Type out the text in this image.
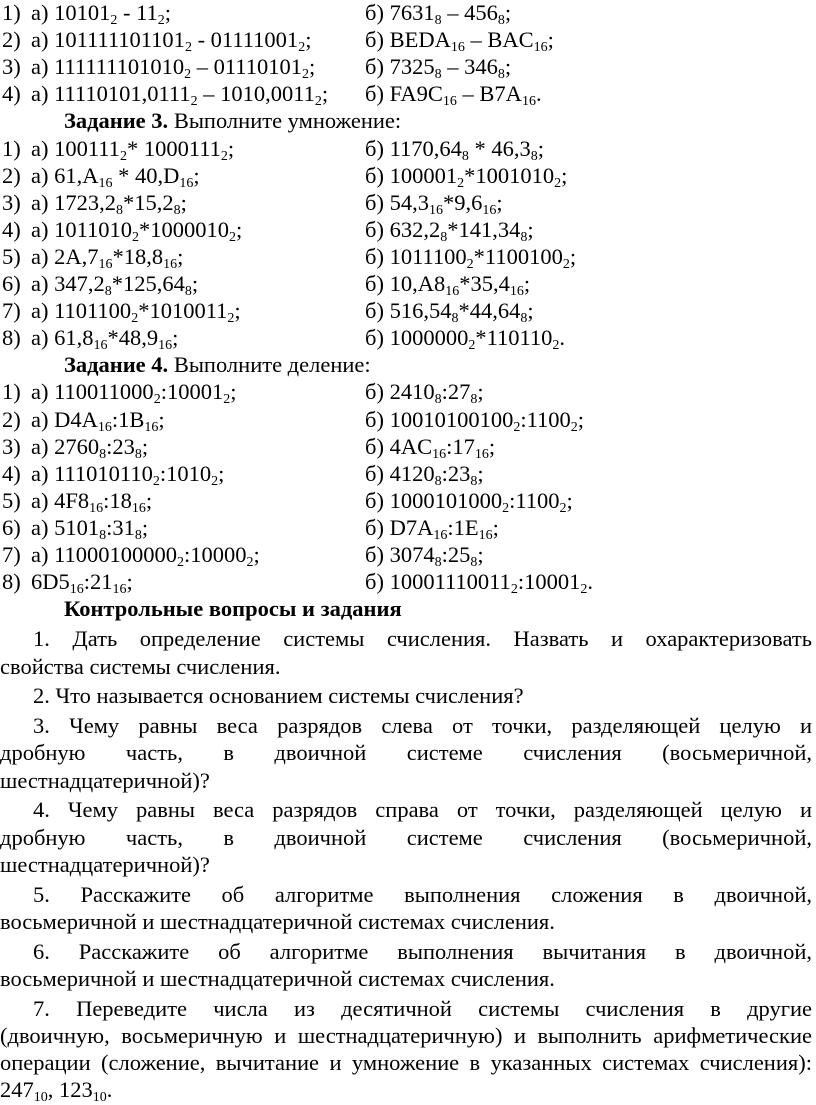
1) а) $10101_2 - 11_2$;	б) $7631_8 - 456_8$;
2) а) $101111101101_2 - 01111001_2$; б) $BEDA_{16} - BAC_{16}$;
3) а) $111111101010_2 - 01110101_2$; б) $7325_8 - 346_8$;
4) а) $11110101,0111_2 - 1010,0011_2$; б) $FA9C_{16} - B7A_{16}$.
Задание 3. Выполните умножение:
1) а) $100111_2*$ $1000111_2$;	б) $1170,64_8 * 46,3_8$;
2) а) $61,A_{16} * 40,D_{16}$;	б) $100001_2*1001010_2$;
3) а) $1723,2_8*15,2_8$;	б) $54,3_{16}*9,6_{16}$;
4) а) $1011010_2*1000010_2$;	б) $632,2_8*141,34_8$;
5) а) $2A,7_{16}*18,8_{16}$;	б) $1011100_2*1100100_2$;
6) а) $347,2_8*125,64_8$;	б) $10,A8_{16}*35,4_{16}$;
7) а) $1101100_2*1010011_2$;	б) $516,54_8*44,64_8$;
8) а) $61,8_{16}*48,9_{16}$;	б) $1000000_2*110110_2$.
Задание 4. Выполните деление:
1) а) $110011000_2:10001_2$;	б) $2410_8:27_8$;
2) а) $D4A_{16}:1B_{16}$;	б) $10010100100_2:1100_2$;
3) а) $2760_8:23_8$;	б) $4AC_{16}:17_{16}$;
4) а) $111010110_2:1010_2$;	б) $4120_8:23_8$;
5) а) $4F8_{16}:18_{16}$;	б) $1000101000_2:1100_2$;
6) а) $5101_8:31_8$;	б) $D7A_{16}:1E_{16}$;
7) а) $11000100000_2:10000_2$;	б) $3074_8:25_8$;
8) $6D5_{16}:21_{16}$;	б) $10001110011_2:10001_2$.
Контрольные вопросы и задания
1. Дать определение системы счисления. Назвать и охарактеризовать
свойства системы счисления.
2. Что называется основанием системы счисления?
3. Чему равны веса разрядов слева от точки, разделяющей целую и
дробную часть, в двоичной системе счисления (восьмеричной,
шестнадцатеричной)?
4. Чему равны веса разрядов справа от точки, разделяющей целую и
дробную часть, в двоичной системе счисления (восьмеричной,
шестнадцатеричной)?
5. Расскажите об алгоритме выполнения сложения в двоичной,
восьмеричной и шестнадцатеричной системах счисления.
6. Расскажите об алгоритме выполнения вычитания в двоичной,
восьмеричной и шестнадцатеричной системах счисления.
7. Переведите числа из десятичной системы счисления в другие
(двоичную, восьмеричную и шестнадцатеричную) и выполнить арифметические
операции (сложение, вычитание и умножение в указанных системах счисления):
$247_{10}$, $123_{10}$.
